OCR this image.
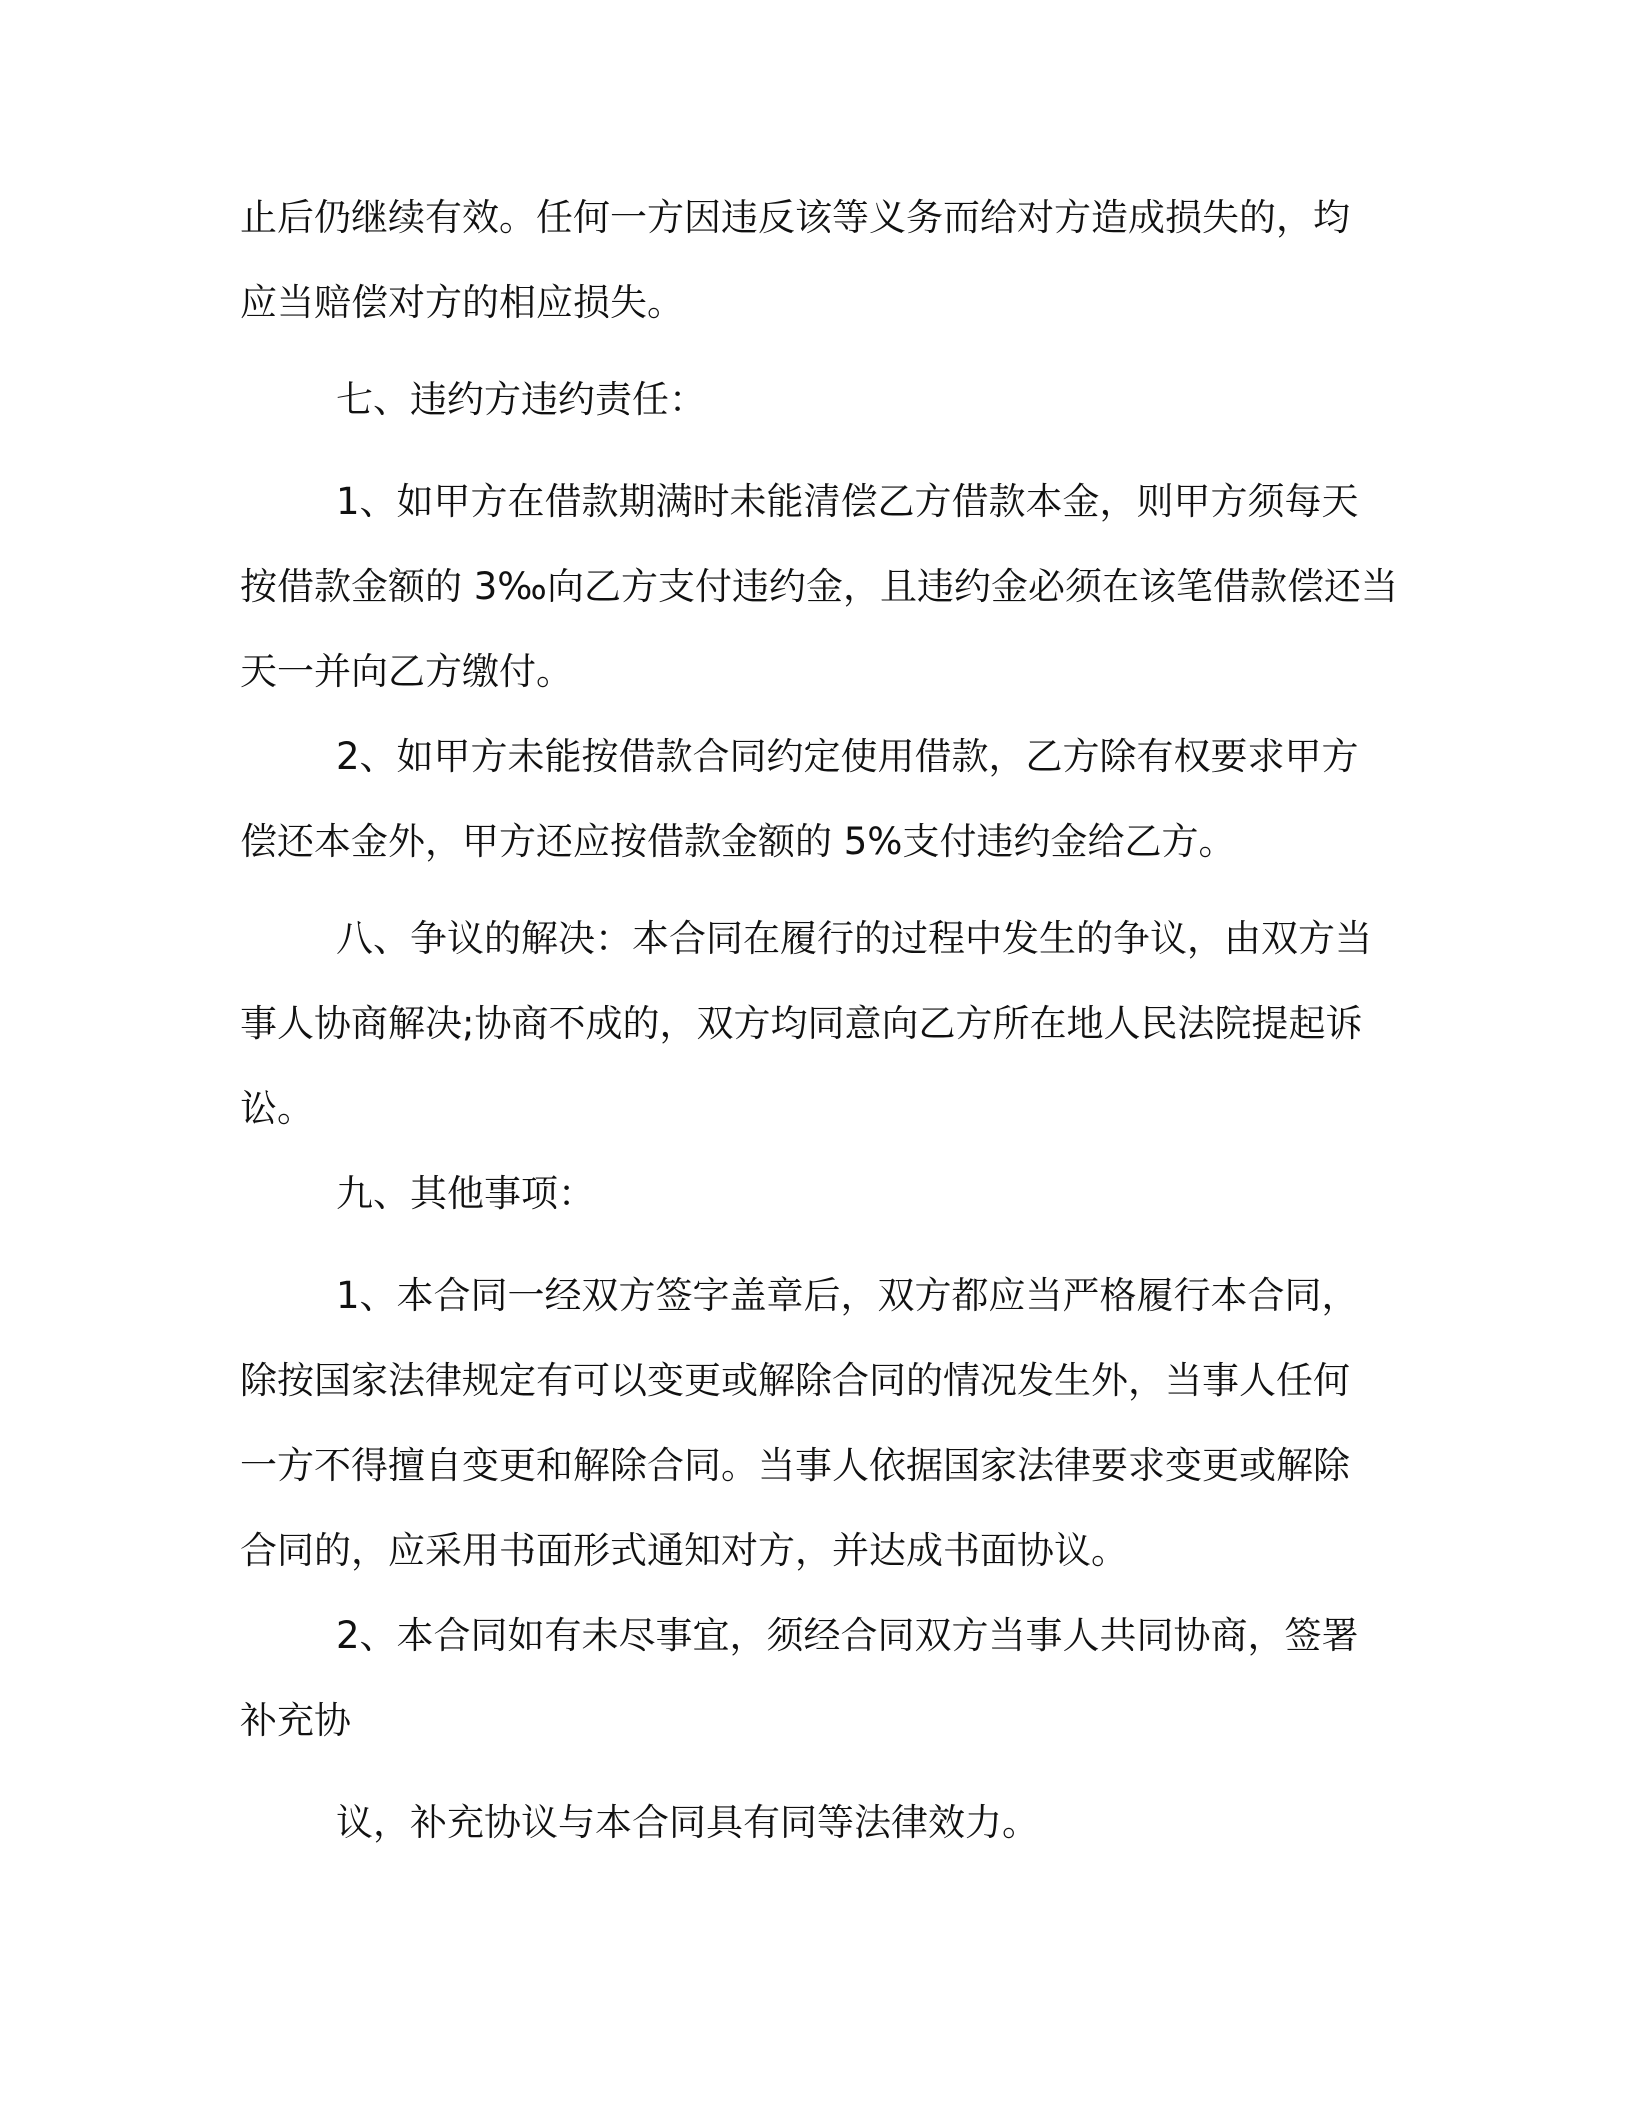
止后仍继续有效。任何一方因违反该等义务而给对方造成损失的，均
应当赔偿对方的相应损失。
七、违约方违约责任：
1、如甲方在借款期满时未能清偿乙方借款本金，则甲方须每天
按借款金额的 3‰向乙方支付违约金，且违约金必须在该笔借款偿还当
天一并向乙方缴付。
2、如甲方未能按借款合同约定使用借款，乙方除有权要求甲方
偿还本金外，甲方还应按借款金额的 5%支付违约金给乙方。
八、争议的解决：本合同在履行的过程中发生的争议，由双方当
事人协商解决;协商不成的，双方均同意向乙方所在地人民法院提起诉
讼。
九、其他事项：
1、本合同一经双方签字盖章后，双方都应当严格履行本合同，
除按国家法律规定有可以变更或解除合同的情况发生外，当事人任何
一方不得擅自变更和解除合同。当事人依据国家法律要求变更或解除
合同的，应采用书面形式通知对方，并达成书面协议。
2、本合同如有未尽事宜，须经合同双方当事人共同协商，签署
补充协
议，补充协议与本合同具有同等法律效力。
